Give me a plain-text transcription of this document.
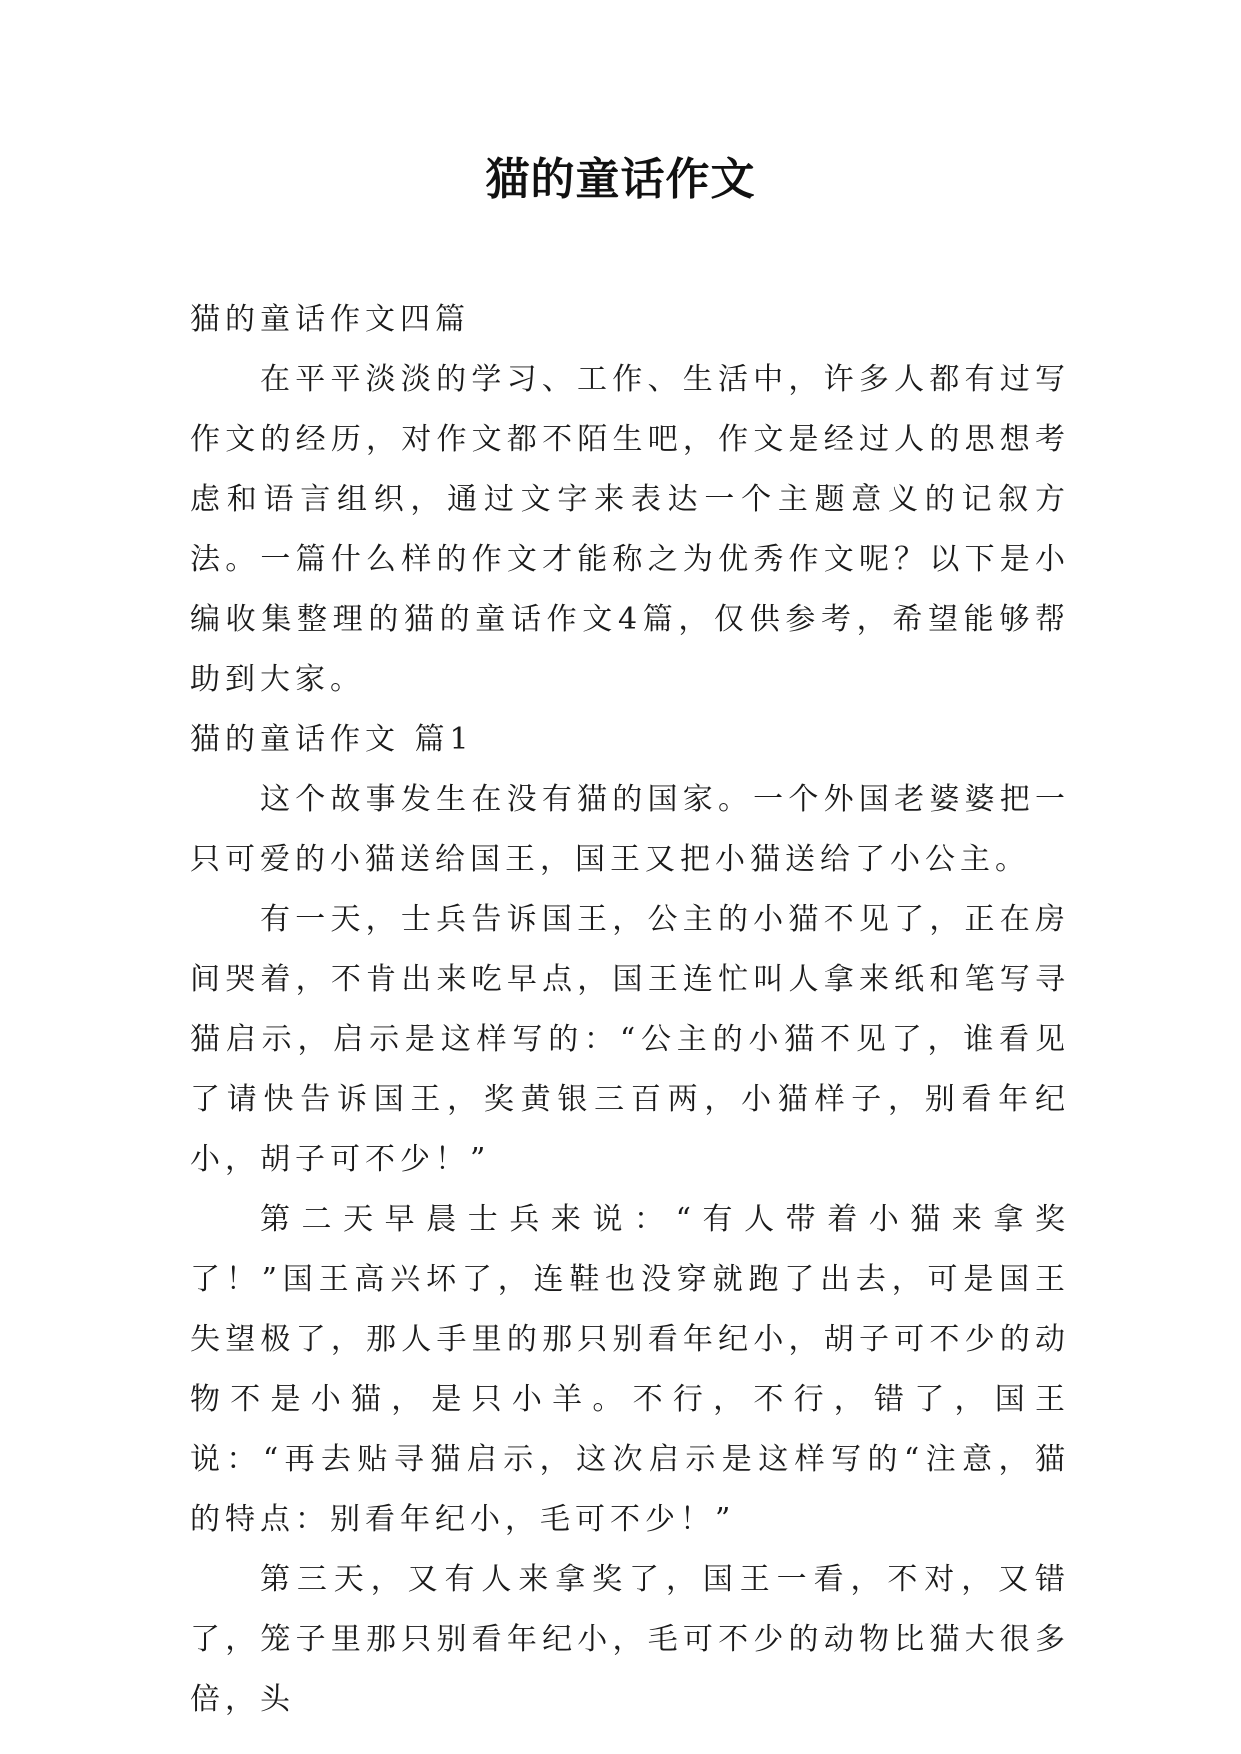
猫的童话作文

猫的童话作文四篇

在平平淡淡的学习、工作、生活中，许多人都有过写作文的经历，对作文都不陌生吧，作文是经过人的思想考虑和语言组织，通过文字来表达一个主题意义的记叙方法。一篇什么样的作文才能称之为优秀作文呢？以下是小编收集整理的猫的童话作文4篇，仅供参考，希望能够帮助到大家。

猫的童话作文 篇1

这个故事发生在没有猫的国家。一个外国老婆婆把一只可爱的小猫送给国王，国王又把小猫送给了小公主。

有一天，士兵告诉国王，公主的小猫不见了，正在房间哭着，不肯出来吃早点，国王连忙叫人拿来纸和笔写寻猫启示，启示是这样写的：“公主的小猫不见了，谁看见了请快告诉国王，奖黄银三百两，小猫样子，别看年纪小，胡子可不少！”

第二天早晨士兵来说：“有人带着小猫来拿奖了！”国王高兴坏了，连鞋也没穿就跑了出去，可是国王失望极了，那人手里的那只别看年纪小，胡子可不少的动物不是小猫，是只小羊。不行，不行，错了，国王说：“再去贴寻猫启示，这次启示是这样写的“注意，猫的特点：别看年纪小，毛可不少！”

第三天，又有人来拿奖了，国王一看，不对，又错了，笼子里那只别看年纪小，毛可不少的动物比猫大很多倍，头
